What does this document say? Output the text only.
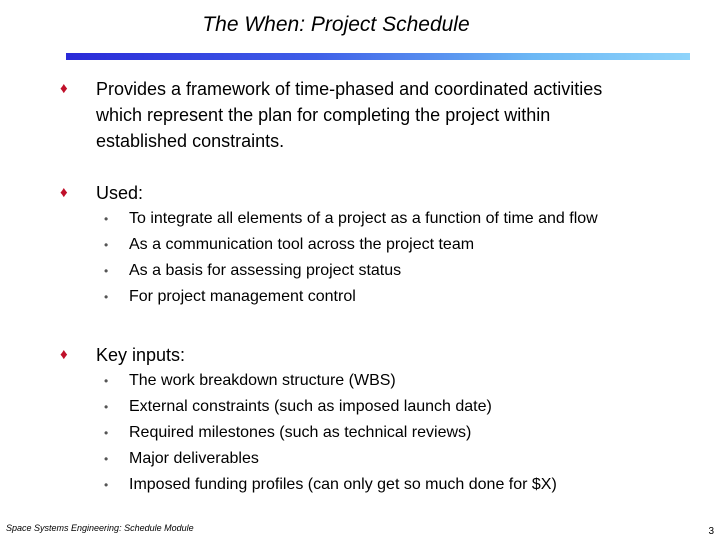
The When: Project Schedule
♦ Provides a framework of time-phased and coordinated activities
which represent the plan for completing the project within
established constraints.
♦ Used:
• To integrate all elements of a project as a function of time and flow
• As a communication tool across the project team
• As a basis for assessing project status
• For project management control
♦ Key inputs:
• The work breakdown structure (WBS)
• External constraints (such as imposed launch date)
• Required milestones (such as technical reviews)
• Major deliverables
• Imposed funding profiles (can only get so much done for $X)
Space Systems Engineering: Schedule Module	3
